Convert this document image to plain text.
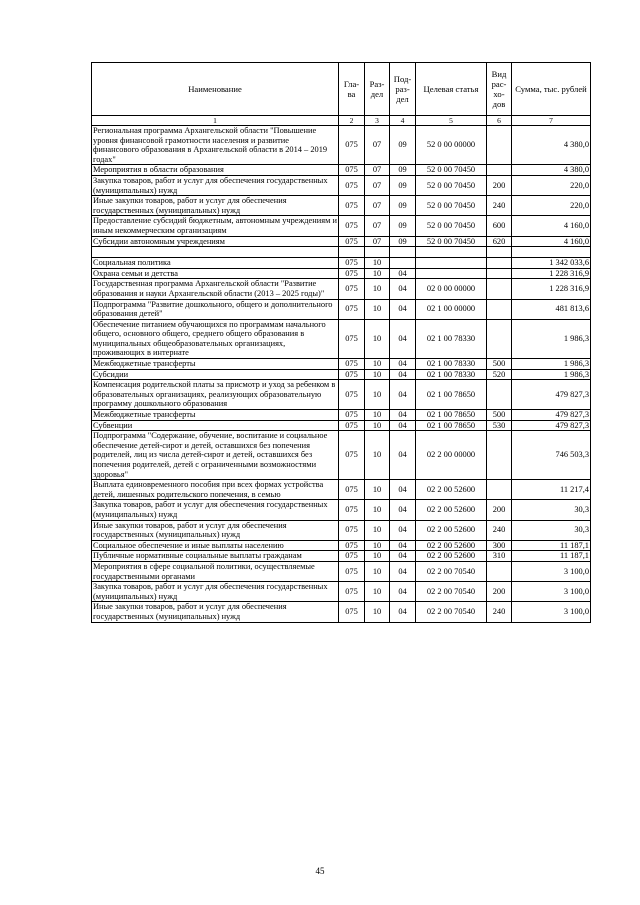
Наименование	Гла-ва	Раз-дел	Под-раз-дел	Целевая статья	Вид рас-хо-дов	Сумма, тыс. рублей
1	2	3	4	5	6	7
Региональная программа Архангельской области "Повышение уровня финансовой грамотности населения и развитие финансового образования в Архангельской области в 2014 – 2019 годах"	075	07	09	52 0 00 00000		4 380,0
Мероприятия в области образования	075	07	09	52 0 00 70450		4 380,0
Закупка товаров, работ и услуг для обеспечения государственных (муниципальных) нужд	075	07	09	52 0 00 70450	200	220,0
Иные закупки товаров, работ и услуг для обеспечения государственных (муниципальных) нужд	075	07	09	52 0 00 70450	240	220,0
Предоставление субсидий бюджетным, автономным учреждениям и иным некоммерческим организациям	075	07	09	52 0 00 70450	600	4 160,0
Субсидии автономным учреждениям	075	07	09	52 0 00 70450	620	4 160,0

Социальная политика	075	10				1 342 033,6
Охрана семьи и детства	075	10	04			1 228 316,9
Государственная программа Архангельской области "Развитие образования и науки Архангельской области (2013 – 2025 годы)"	075	10	04	02 0 00 00000		1 228 316,9
Подпрограмма "Развитие дошкольного, общего и дополнительного образования детей"	075	10	04	02 1 00 00000		481 813,6
Обеспечение питанием обучающихся по программам начального общего, основного общего, среднего общего образования в муниципальных общеобразовательных организациях, проживающих в интернате	075	10	04	02 1 00 78330		1 986,3
Межбюджетные трансферты	075	10	04	02 1 00 78330	500	1 986,3
Субсидии	075	10	04	02 1 00 78330	520	1 986,3
Компенсация родительской платы за присмотр и уход за ребенком в образовательных организациях, реализующих образовательную программу дошкольного образования	075	10	04	02 1 00 78650		479 827,3
Межбюджетные трансферты	075	10	04	02 1 00 78650	500	479 827,3
Субвенции	075	10	04	02 1 00 78650	530	479 827,3
Подпрограмма "Содержание, обучение, воспитание и социальное обеспечение детей-сирот и детей, оставшихся без попечения родителей, лиц из числа детей-сирот и детей, оставшихся без попечения родителей, детей с ограниченными возможностями здоровья"	075	10	04	02 2 00 00000		746 503,3
Выплата единовременного пособия при всех формах устройства детей, лишенных родительского попечения, в семью	075	10	04	02 2 00 52600		11 217,4
Закупка товаров, работ и услуг для обеспечения государственных (муниципальных) нужд	075	10	04	02 2 00 52600	200	30,3
Иные закупки товаров, работ и услуг для обеспечения государственных (муниципальных) нужд	075	10	04	02 2 00 52600	240	30,3
Социальное обеспечение и иные выплаты населению	075	10	04	02 2 00 52600	300	11 187,1
Публичные нормативные социальные выплаты гражданам	075	10	04	02 2 00 52600	310	11 187,1
Мероприятия в сфере социальной политики, осуществляемые государственными органами	075	10	04	02 2 00 70540		3 100,0
Закупка товаров, работ и услуг для обеспечения государственных (муниципальных) нужд	075	10	04	02 2 00 70540	200	3 100,0
Иные закупки товаров, работ и услуг для обеспечения государственных (муниципальных) нужд	075	10	04	02 2 00 70540	240	3 100,0
45
